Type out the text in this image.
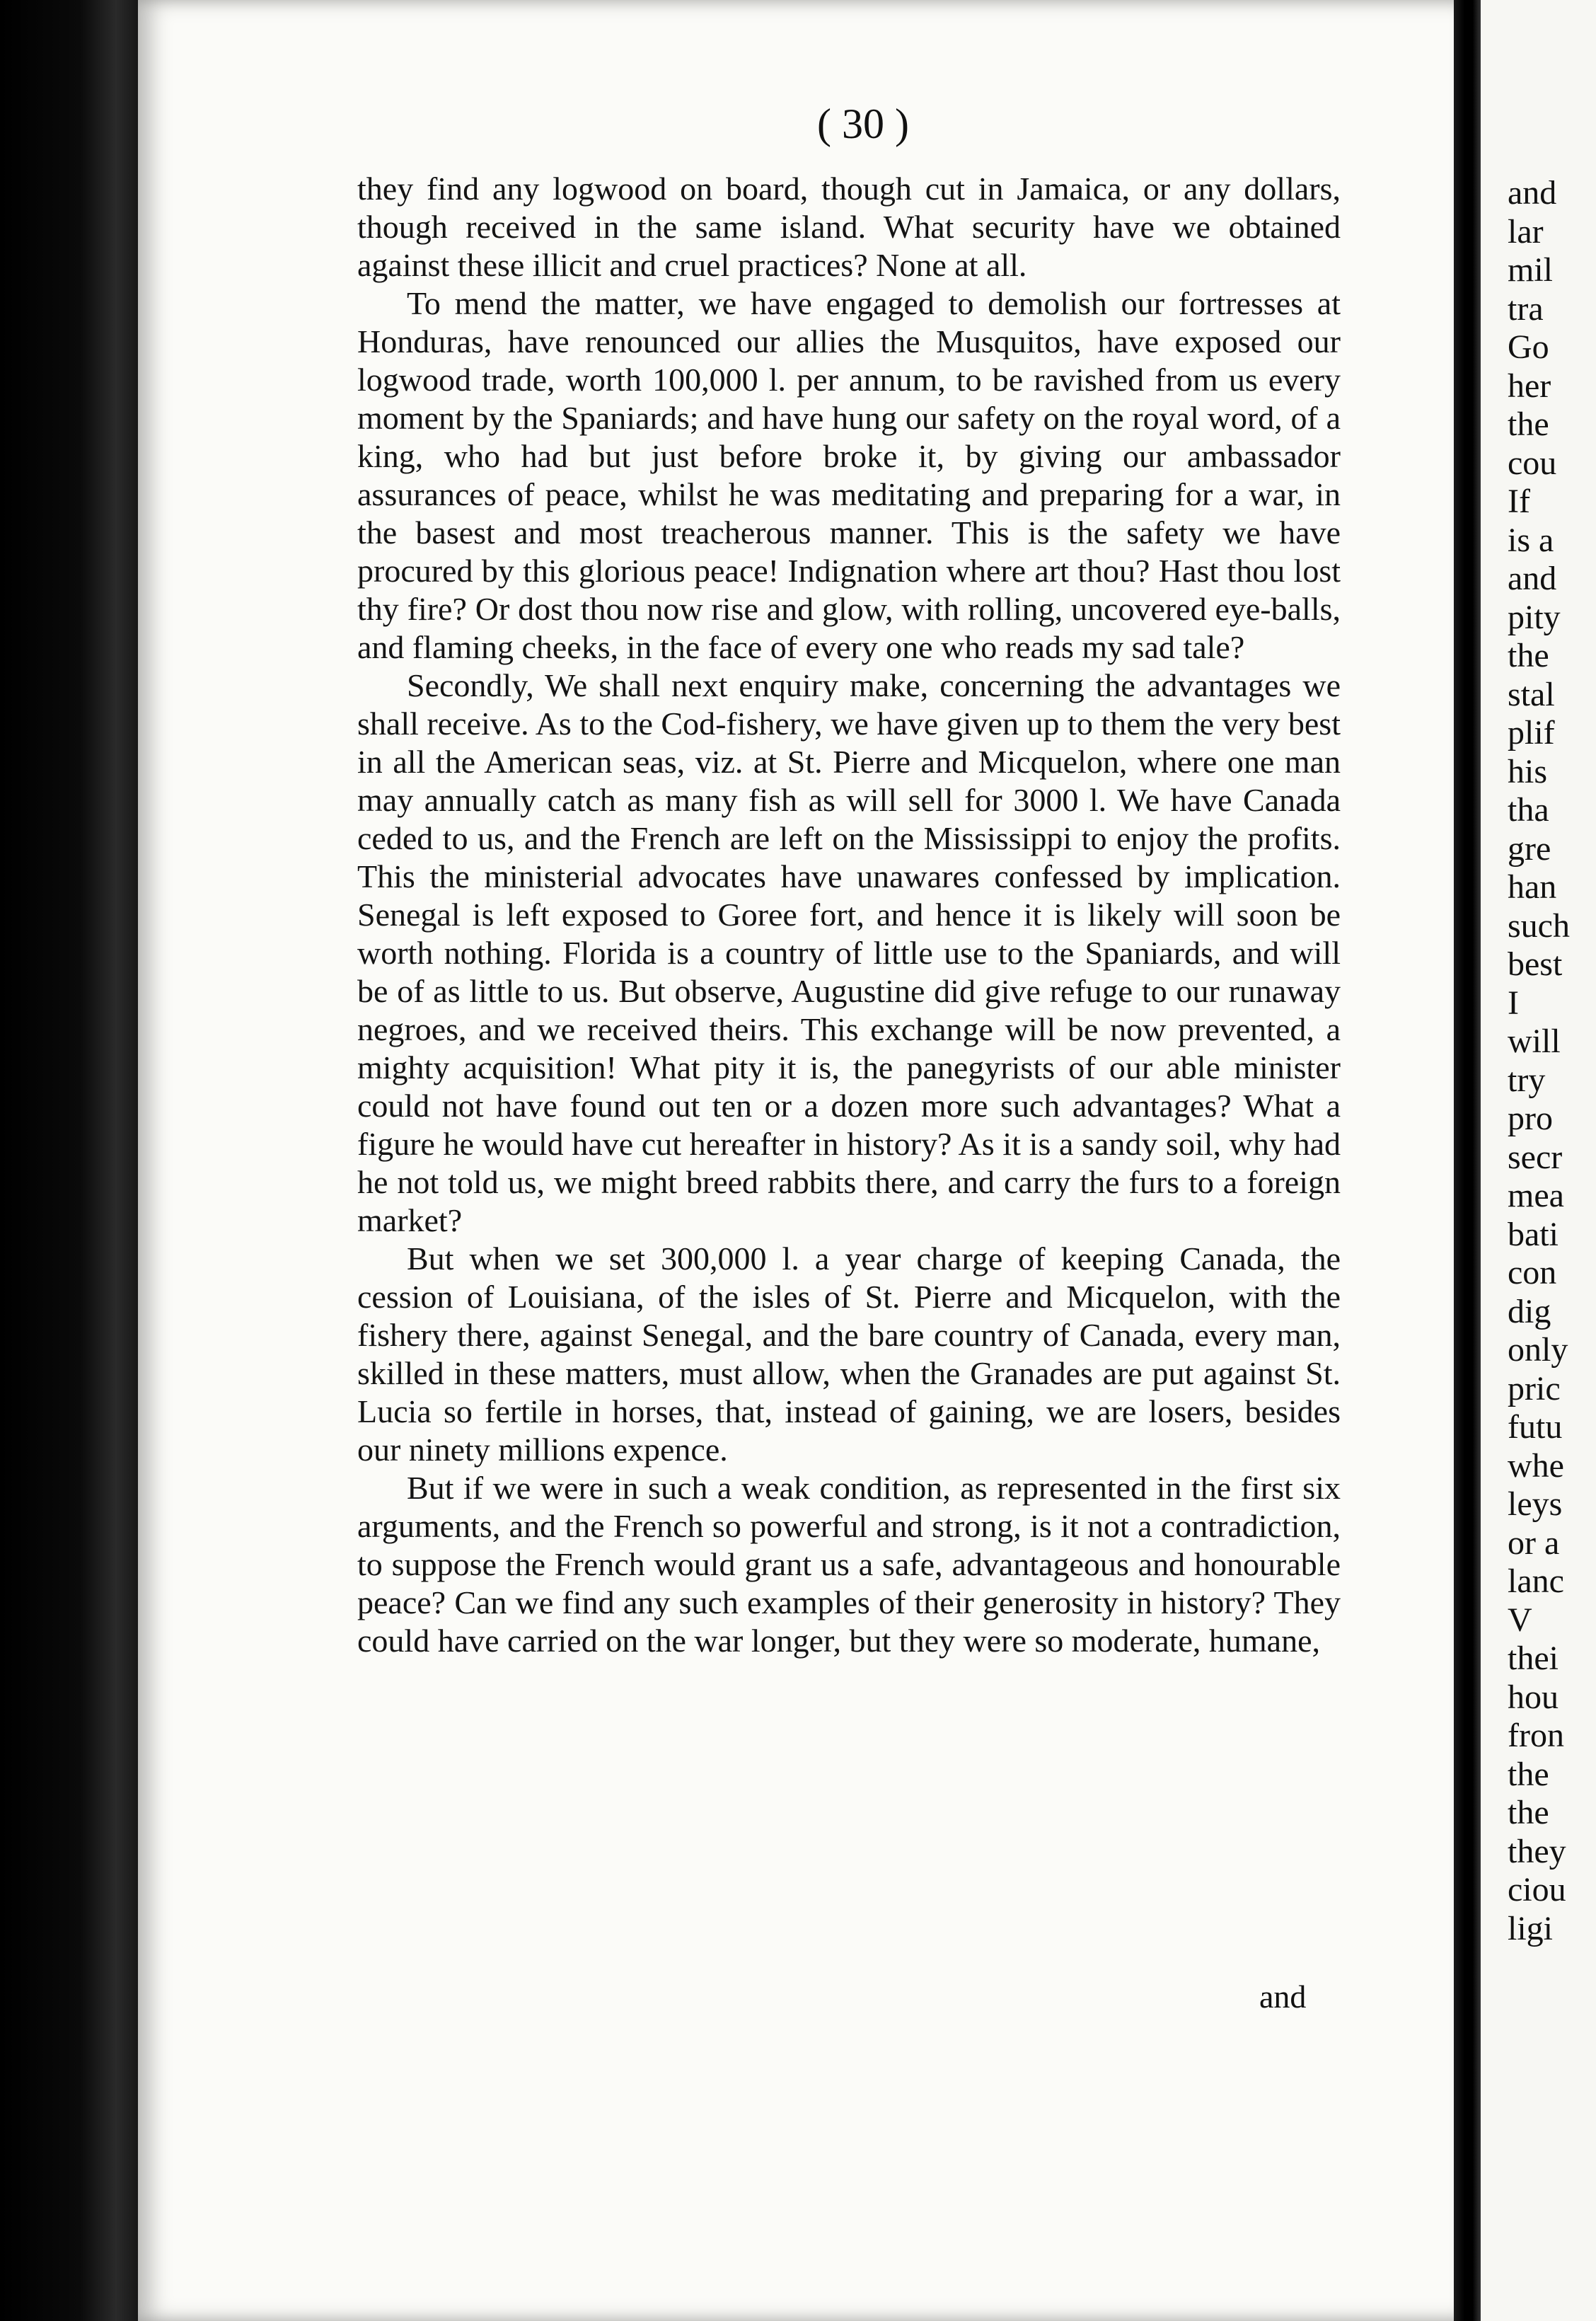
( 30 )

they find any logwood on board, though cut in Jamaica, or any dollars, though received in the same island. What security have we obtained against these illicit and cruel practices? None at all.

To mend the matter, we have engaged to demolish our fortresses at Honduras, have renounced our allies the Musquitos, have exposed our logwood trade, worth 100,000 l. per annum, to be ravished from us every moment by the Spaniards; and have hung our safety on the royal word, of a king, who had but just before broke it, by giving our ambassador assurances of peace, whilst he was meditating and preparing for a war, in the basest and most treacherous manner. This is the safety we have procured by this glorious peace! Indignation where art thou? Hast thou lost thy fire? Or dost thou now rise and glow, with rolling, uncovered eye-balls, and flaming cheeks, in the face of every one who reads my sad tale?

Secondly, We shall next enquiry make, concerning the advantages we shall receive. As to the Cod-fishery, we have given up to them the very best in all the American seas, viz. at St. Pierre and Micquelon, where one man may annually catch as many fish as will sell for 3000 l. We have Canada ceded to us, and the French are left on the Mississippi to enjoy the profits. This the ministerial advocates have unawares confessed by implication. Senegal is left exposed to Goree fort, and hence it is likely will soon be worth nothing. Florida is a country of little use to the Spaniards, and will be of as little to us. But observe, Augustine did give refuge to our runaway negroes, and we received theirs. This exchange will be now prevented, a mighty acquisition! What pity it is, the panegyrists of our able minister could not have found out ten or a dozen more such advantages? What a figure he would have cut hereafter in history? As it is a sandy soil, why had he not told us, we might breed rabbits there, and carry the furs to a foreign market?

But when we set 300,000 l. a year charge of keeping Canada, the cession of Louisiana, of the isles of St. Pierre and Micquelon, with the fishery there, against Senegal, and the bare country of Canada, every man, skilled in these matters, must allow, when the Granades are put against St. Lucia so fertile in horses, that, instead of gaining, we are losers, besides our ninety millions expence.

But if we were in such a weak condition, as represented in the first six arguments, and the French so powerful and strong, is it not a contradiction, to suppose the French would grant us a safe, advantageous and honourable peace? Can we find any such examples of their generosity in history? They could have carried on the war longer, but they were so moderate, humane,

and
and
lar
mil
tra
Go
her
the
cou
If
is a
and
pity
the
stal
plif
his
tha
gre
han
such
best
I
will
try
pro
secr
mea
bati
con
dig
only
pric
futu
whe
leys
or a
lanc
V
thei
hou
fron
the
the
they
ciou
ligi
